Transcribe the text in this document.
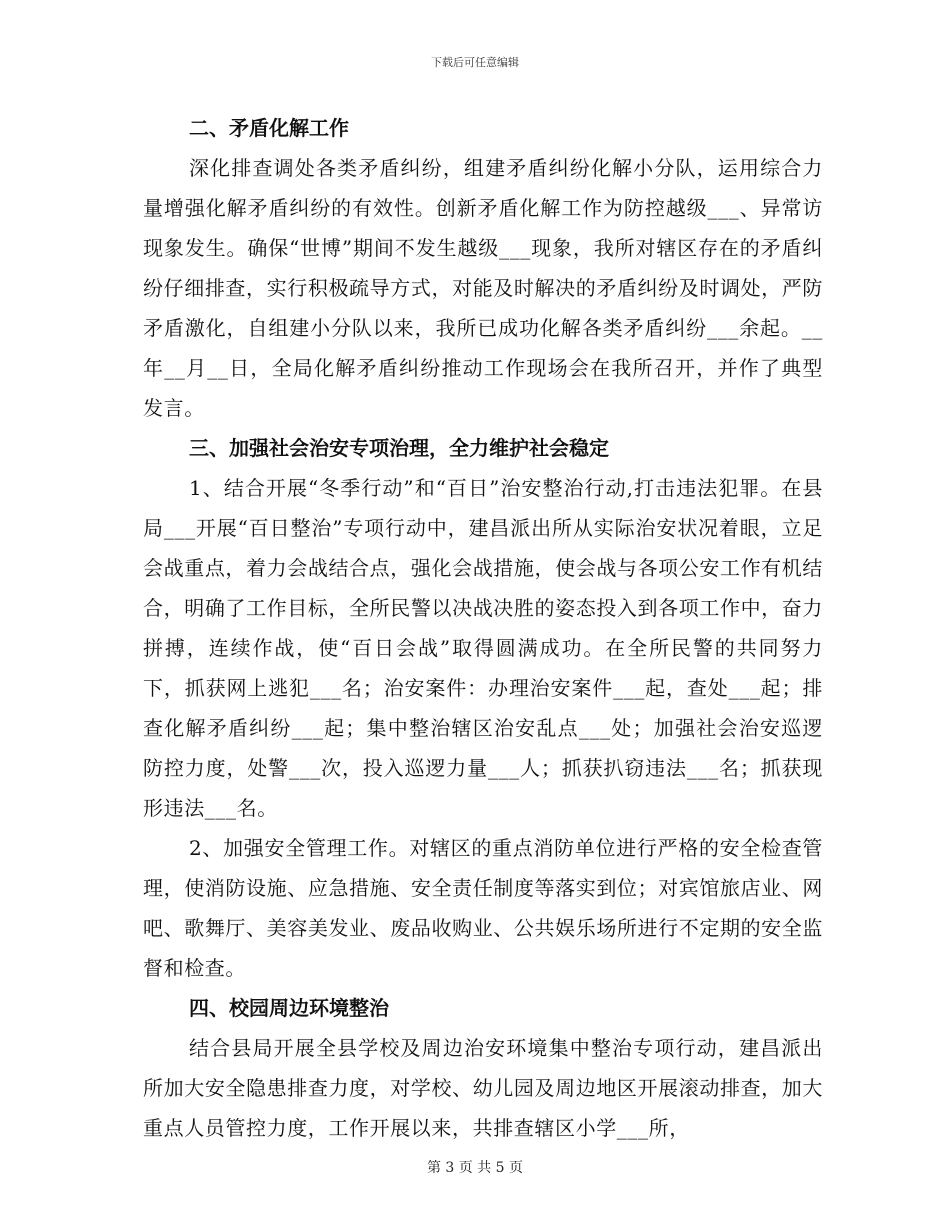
下载后可任意编辑
二、矛盾化解工作

深化排查调处各类矛盾纠纷，组建矛盾纠纷化解小分队，运用综合力量增强化解矛盾纠纷的有效性。创新矛盾化解工作为防控越级___、异常访现象发生。确保“世博”期间不发生越级___现象，我所对辖区存在的矛盾纠纷仔细排查，实行积极疏导方式，对能及时解决的矛盾纠纷及时调处，严防矛盾激化，自组建小分队以来，我所已成功化解各类矛盾纠纷___余起。__年__月__日，全局化解矛盾纠纷推动工作现场会在我所召开，并作了典型发言。

三、加强社会治安专项治理，全力维护社会稳定

1、结合开展“冬季行动”和“百日”治安整治行动,打击违法犯罪。在县局___开展“百日整治”专项行动中，建昌派出所从实际治安状况着眼，立足会战重点，着力会战结合点，强化会战措施，使会战与各项公安工作有机结合，明确了工作目标，全所民警以决战决胜的姿态投入到各项工作中，奋力拼搏，连续作战，使“百日会战”取得圆满成功。在全所民警的共同努力下，抓获网上逃犯___名；治安案件：办理治安案件___起，查处___起；排查化解矛盾纠纷___起；集中整治辖区治安乱点___处；加强社会治安巡逻防控力度，处警___次，投入巡逻力量___人；抓获扒窃违法___名；抓获现形违法___名。

2、加强安全管理工作。对辖区的重点消防单位进行严格的安全检查管理，使消防设施、应急措施、安全责任制度等落实到位；对宾馆旅店业、网吧、歌舞厅、美容美发业、废品收购业、公共娱乐场所进行不定期的安全监督和检查。

四、校园周边环境整治

结合县局开展全县学校及周边治安环境集中整治专项行动，建昌派出所加大安全隐患排查力度，对学校、幼儿园及周边地区开展滚动排查，加大重点人员管控力度，工作开展以来，共排查辖区小学___所，

第 3 页 共 5 页
